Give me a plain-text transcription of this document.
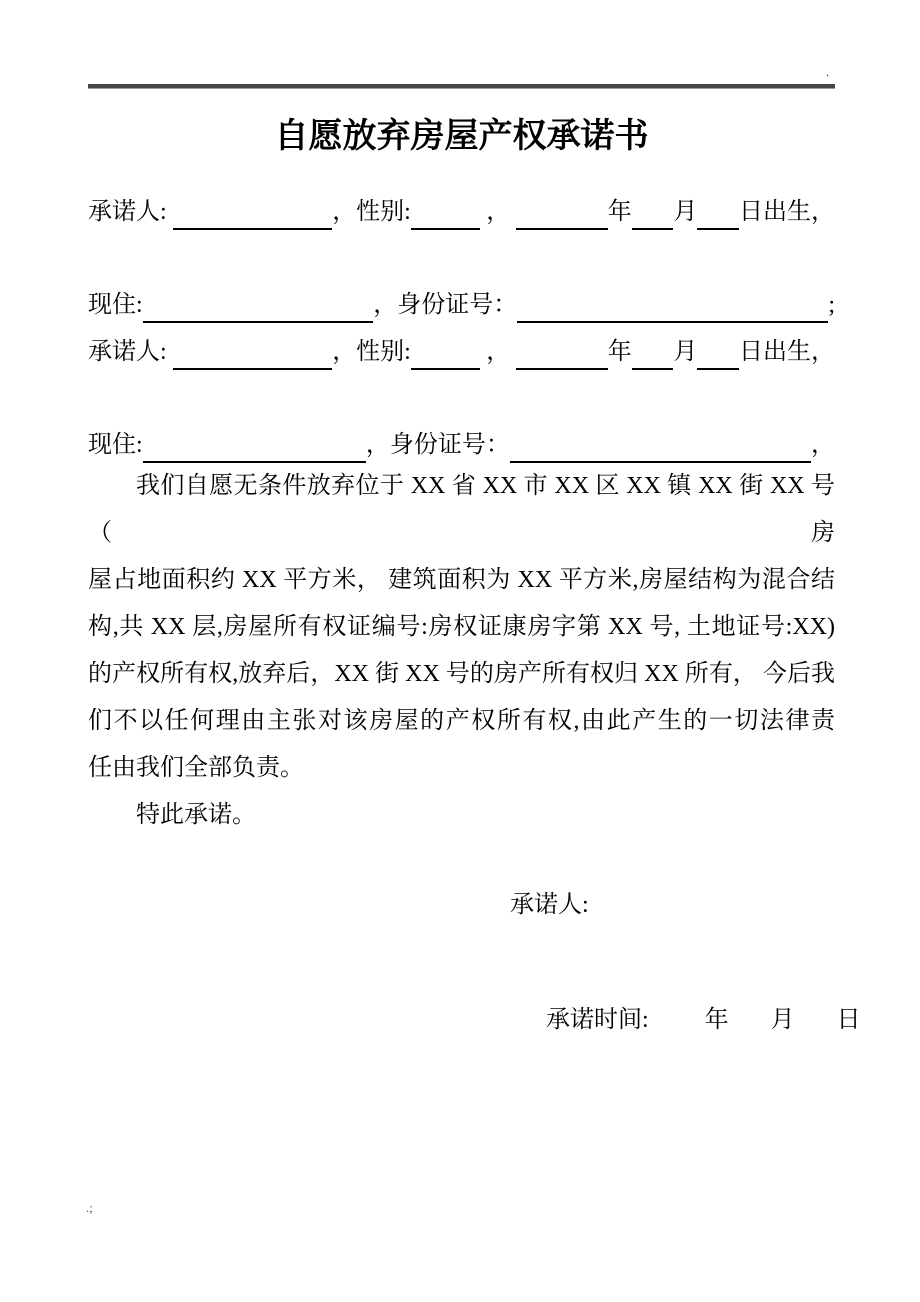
.
自愿放弃房屋产权承诺书
承诺人:	，性别:	，	年 月 日出生，
现住:	，身份证号：	;
承诺人:	，性别:	，	年 月 日出生，
现住:	，身份证号：	，
我们自愿无条件放弃位于 XX 省 XX 市 XX 区 XX 镇 XX 街 XX 号（房
屋占地面积约 XX 平方米， 建筑面积为 XX 平方米,房屋结构为混合结
构,共 XX 层,房屋所有权证编号:房权证康房字第 XX 号, 土地证号:XX)
的产权所有权,放弃后，XX 街 XX 号的房产所有权归 XX 所有， 今后我
们不以任何理由主张对该房屋的产权所有权,由此产生的一切法律责
任由我们全部负责。
特此承诺。
承诺人:

承诺时间: 年 月 日

.;
